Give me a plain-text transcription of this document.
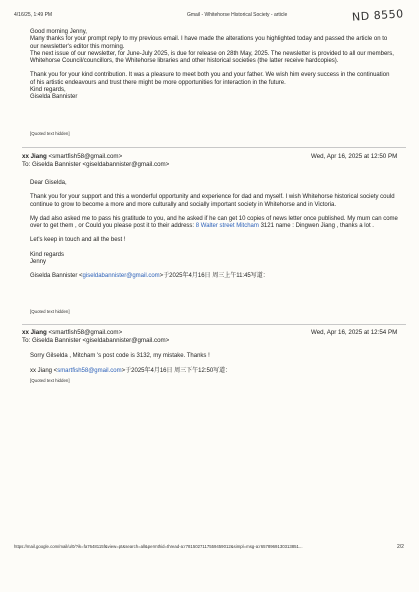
4/16/25, 1:49 PM	Gmail - Whitehorse Historical Society - article	ND 8550
Good morning Jenny,
Many thanks for your prompt reply to my previous email. I have made the alterations you highlighted today and passed the article on to our newsletter's editor this morning.
The next issue of our newsletter, for June-July 2025, is due for release on 28th May, 2025. The newsletter is provided to all our members, Whitehorse Council/councillors, the Whitehorse libraries and other historical societies (the latter receive hardcopies).
Thank you for your kind contribution. It was a pleasure to meet both you and your father. We wish him every success in the continuation of his artistic endeavours and trust there might be more opportunities for interaction in the future.
Kind regards,
Giselda Bannister
[Quoted text hidden]
xx Jiang <smartfish58@gmail.com>	Wed, Apr 16, 2025 at 12:50 PM
To: Giselda Bannister <giseldabannister@gmail.com>
Dear Giselda,
Thank you for your support and this a wonderful opportunity and experience for dad and myself. I wish Whitehorse historical society could continue to grow to become a more and more culturally and socially important society in Whitehorse and in Victoria.
My dad also asked me to pass his gratitude to you, and he asked if he can get 10 copies of news letter once published. My mum can come over to get them , or Could you please post it to their address: 8 Walter street Mitcham 3121 name : Dingwen Jiang , thanks a lot .
Let's keep in touch and all the best !
Kind regards
Jenny
Giselda Bannister <giseldabannister@gmail.com>于2025年4月16日 周三上午11:45写道：
[Quoted text hidden]
xx Jiang <smartfish58@gmail.com>	Wed, Apr 16, 2025 at 12:54 PM
To: Giselda Bannister <giseldabannister@gmail.com>
Sorry Gilselda , Mitcham 's post code is 3132, my mistake. Thanks !
xx Jiang <smartfish58@gmail.com>于2025年4月16日 周三下午12:50写道：
[Quoted text hidden]
https://mail.google.com/mail/u/0/?ik=fa7648115f&view=pt&search=all&permthid=thread-a:r7815027117559459012&simpl=msg-a:r6578969130313851...	2/2
